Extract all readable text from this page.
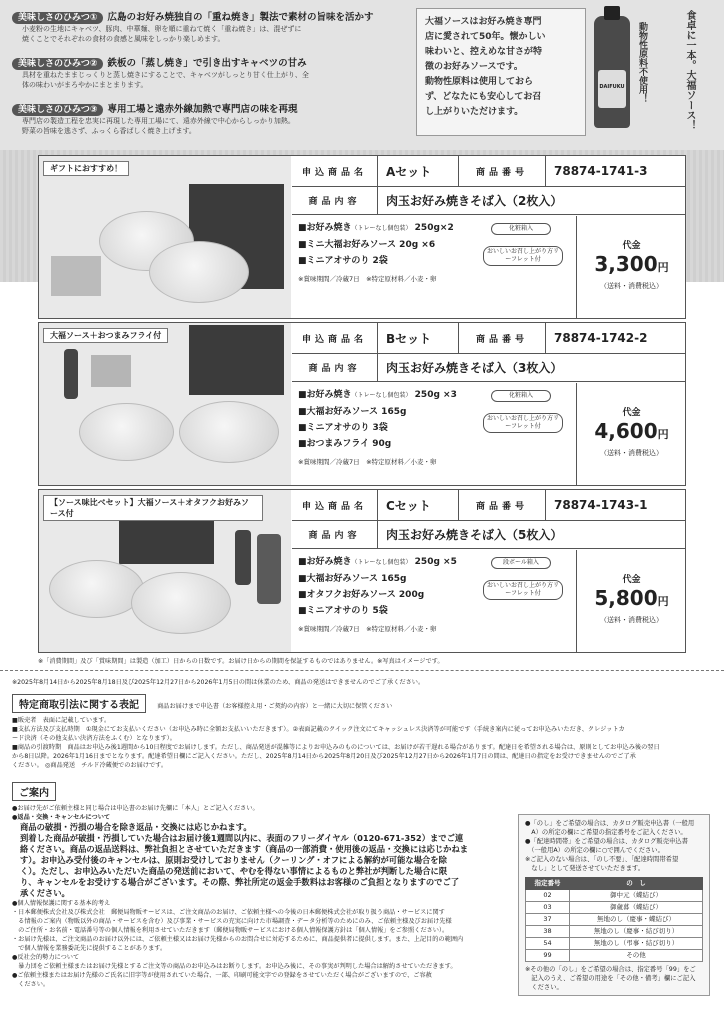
美味しさのひみつ① 広島のお好み焼独自の「重ね焼き」製法で素材の旨味を活かす
小麦粉の生地にキャベツ、豚肉、中華麺、卵を順に重ねて焼く「重ね焼き」は、混ぜずに
焼くことでそれぞれの食材の食感と風味をしっかり楽しめます。
美味しさのひみつ② 鉄板の「蒸し焼き」で引き出すキャベツの甘み
具材を重ねたままじっくりと蒸し焼きにすることで、キャベツがしっとり甘く仕上がり、全
体の味わいがまろやかにまとまります。
美味しさのひみつ③ 専用工場と遠赤外線加熱で専門店の味を再現
専門店の製造工程を忠実に再現した専用工場にて、遠赤外線で中心からしっかり加熱。
野菜の旨味を逃さず、ふっくら香ばしく焼き上げます。
大福ソースはお好み焼き専門
店に愛されて50年。懐かしい
味わいと、控えめな甘さが特
徴のお好みソースです。
動物性原料は使用しておら
ず、どなたにも安心してお召
し上がりいただけます。
DAIFUKU	食卓に一本。大福ソース！
動物性原料不使用！
ギフトにおすすめ！	申込商品名	Aセット	商品番号	78874-1741-3
商品内容	肉玉お好み焼きそば入（2枚入）
■お好み焼き（トレーなし個包装） 250g×2
■ミニ大福お好みソース 20g ×6
■ミニアオサのり 2袋
※賞味期間／冷蔵7日　※特定原材料／小麦・卵
化粧箱入
おいしいお召し上がり方リーフレット付
代金
3,300円
（送料・消費税込）
大福ソース＋おつまみフライ付	申込商品名	Bセット	商品番号	78874-1742-2
商品内容	肉玉お好み焼きそば入（3枚入）
■お好み焼き（トレーなし個包装） 250g ×3
■大福お好みソース 165g
■ミニアオサのり 3袋
■おつまみフライ 90g
※賞味期間／冷蔵7日　※特定原材料／小麦・卵
化粧箱入
おいしいお召し上がり方リーフレット付
代金
4,600円
（送料・消費税込）
【ソース味比べセット】大福ソース＋オタフクお好みソース付
申込商品名	Cセット	商品番号	78874-1743-1
商品内容	肉玉お好み焼きそば入（5枚入）
■お好み焼き（トレーなし個包装） 250g ×5
■大福お好みソース 165g
■オタフクお好みソース 200g
■ミニアオサのり 5袋
※賞味期間／冷蔵7日　※特定原材料／小麦・卵
段ボール箱入
おいしいお召し上がり方リーフレット付
代金
5,800円
（送料・消費税込）
※「消費期間」及び「賞味期間」は製造（加工）日からの日数です。お届け日からの期間を保証するものではありません。※写真はイメージです。
※2025年8月14日から2025年8月18日及び2025年12月27日から2026年1月5日の間は休業のため、商品の発送はできませんのでご了承ください。
特定商取引法に関する表記	商品お届けまで申込書（お客様控え用・ご契約の内容）と一緒に大切に保管ください
■販売者　表面に記載しています。
■支払方法及び支払時期　①現金にてお支払いください（お申込み時に全額お支払いいただきます）。②表面記載のクイック注文にてキャッシュレス決済等が可能です（手続き案内に従ってお申込みいただき、クレジットカ
ード決済（その他支払い決済方法をふくむ）となります）。
■商品の引渡時期　商品はお申込み後1週間から10日程度でお届けします。ただし、商品発送が混雑等によりお申込みのものについては、お届けが若干遅れる場合があります。配達日を希望される場合は、原則としてお申込み後の翌日
から8日以降。2026年1月16日までとなります。配達希望日欄にご記入ください。ただし、2025年8月14日から2025年8月20日及び2025年12月27日から2026年1月7日の間は、配達日の指定をお受けできませんのでご了承
ください。 ◎商品発送　チルド冷蔵便でのお届けです。
ご案内
●お届け先がご依頼主様と同じ場合は申込書のお届け先欄に「本人」とご記入ください。
●返品・交換・キャンセルについて
商品の破損・汚損の場合を除き返品・交換には応じかねます。
到着した商品が破損・汚損していた場合はお届け後1週間以内に、表面のフリーダイヤル（0120-671-352）までご連
絡ください。商品の返品送料は、弊社負担とさせていただきます（商品の一部消費・使用後の返品・交換には応じかねま
す）。お申込み受付後のキャンセルは、原則お受けしておりません（クーリング・オフによる解約が可能な場合を除
く）。ただし、お申込みいただいた商品の発送前において、やむを得ない事情によるものと弊社が判断した場合に限
り、キャンセルをお受けする場合がございます。その際、弊社所定の返金手数料はお客様のご負担となりますのでご了
承ください。
●個人情報保護に関する基本的考え
・日本郵便株式会社及び株式会社　郵便局物販サービスは、ご注文商品のお届け、ご依頼主様への今後の日本郵便株式会社が取り扱う商品・サービスに関す
　る情報のご案内（物販以外の商品・サービスを含む）及び事業・サービスの充実に向けた市場調査・データ分析等のためにのみ、ご依頼主様及びお届け先様
　のご住所・お名前・電話番号等の個人情報を利用させていただきます（郵便局物販サービスにおける個人情報保護方針は「個人情報」をご参照ください）。
・お届け先様は、ご注文商品のお届け以外には、ご依頼主様又はお届け先様からのお問合せに対応するために、商品提供者に提供します。また、上記目的の範囲内
　で個人情報を業務委託先に提供することがあります。
●反社会的勢力について
　暴力団をご依頼主様またはお届け先様とするご注文等の商品のお申込みはお断りします。お申込み後に、その事実が判明した場合は解約させていただきます。
●ご依頼主様またはお届け先様のご氏名に旧字等が使用されていた場合、一部、印刷可能文字での登録をさせていただく場合がございますので、ご容赦
　ください。
●「のし」をご希望の場合は、カタログ販売申込書（一般用
　A）の所定の欄にご希望の指定番号をご記入ください。
●「配達時間帯」をご希望の場合は、カタログ販売申込書
　（一般用A）の所定の欄に○で囲んでください。
※ご記入のない場合は、「のし不要」、「配達時間帯希望
　なし」として発送させていただきます。
指定番号	の　し
02	御中元（蝶結び）
03	御歳暮（蝶結び）
37	無地のし（慶事・蝶結び）
38	無地のし（慶事・結び切り）
54	無地のし（弔事・結び切り）
99	その他
※その他の「のし」をご希望の場合は、指定番号「99」をご
　記入のうえ、ご希望の用途を「その他・備考」欄にご記入
　ください。
